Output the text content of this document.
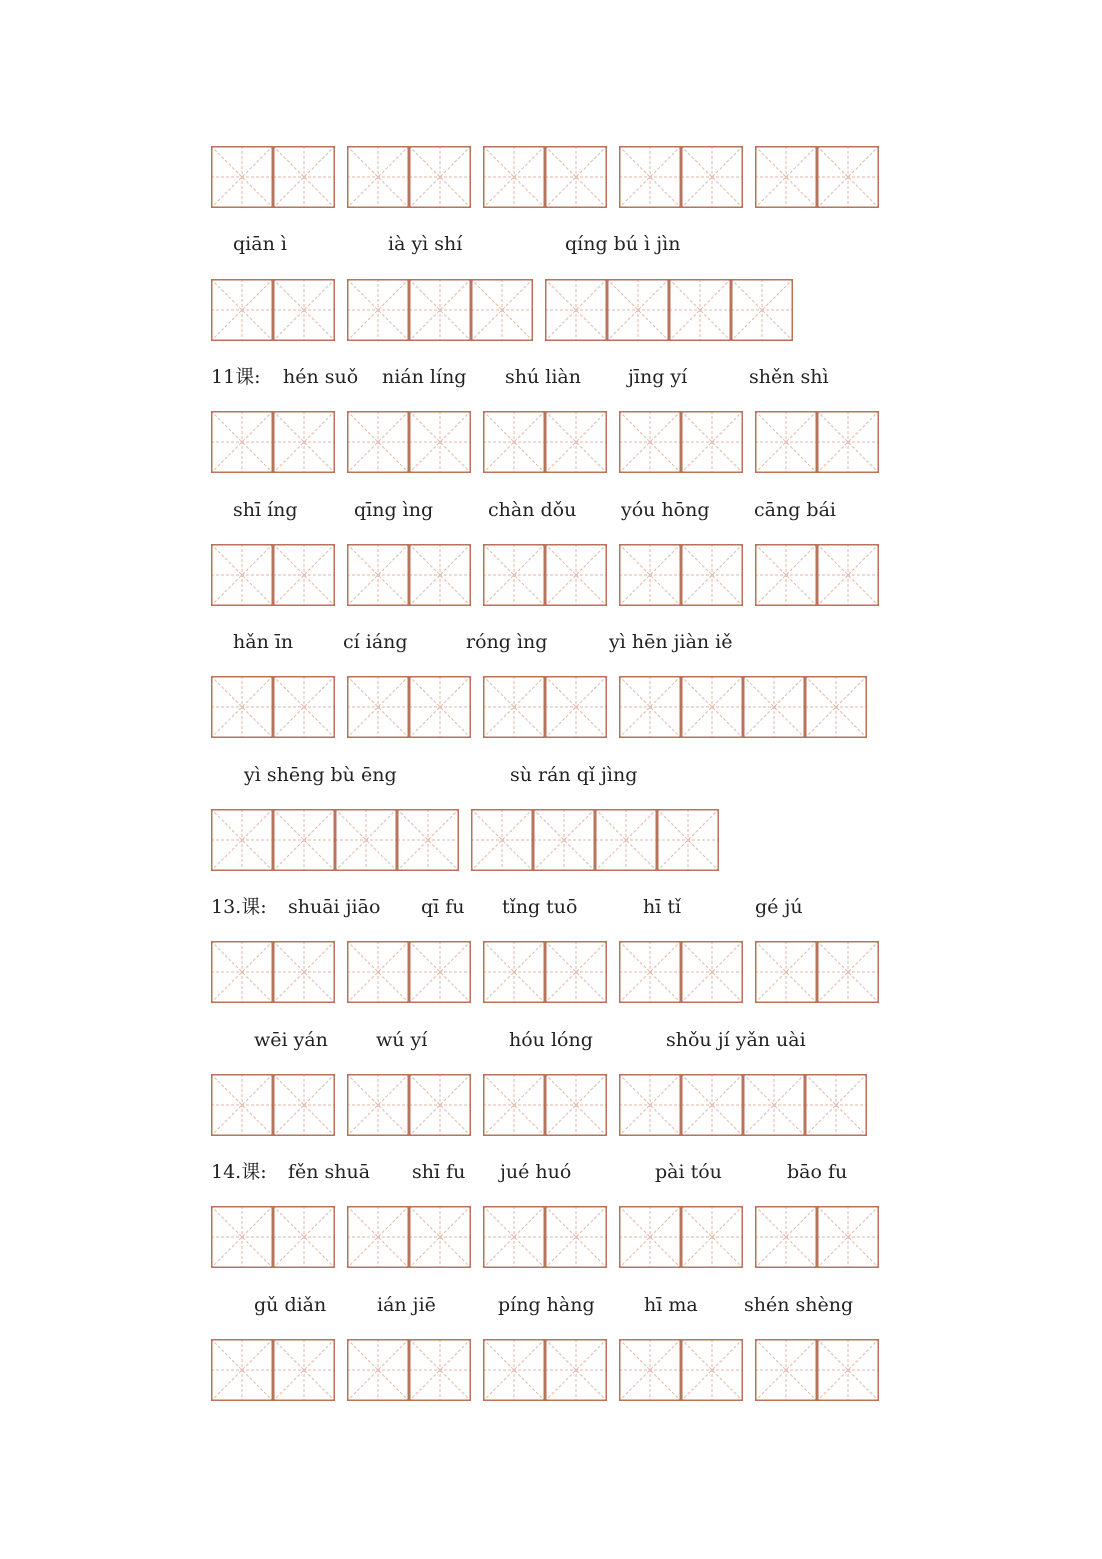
qiān ì	ià yì shí	qíng bú ì jìn
11课: hén suǒ nián líng shú liàn jīng yí	shěn shì
shī íng	qīng ìng	chàn dǒu yóu hōng cāng bái
hǎn īn	cí iáng	róng ìng	yì hēn jiàn iě
yì shēng bù ēng	sù rán qǐ jìng
13.课: shuāi jiāo qī fu tǐng tuō	hī tǐ	gé jú
wēi yán	wú yí	hóu lóng	shǒu jí yǎn uài
14.课: fěn shuā shī fu jué huó	pài tóu	bāo fu
gǔ diǎn	ián jiē	píng hàng	hī ma shén shèng
